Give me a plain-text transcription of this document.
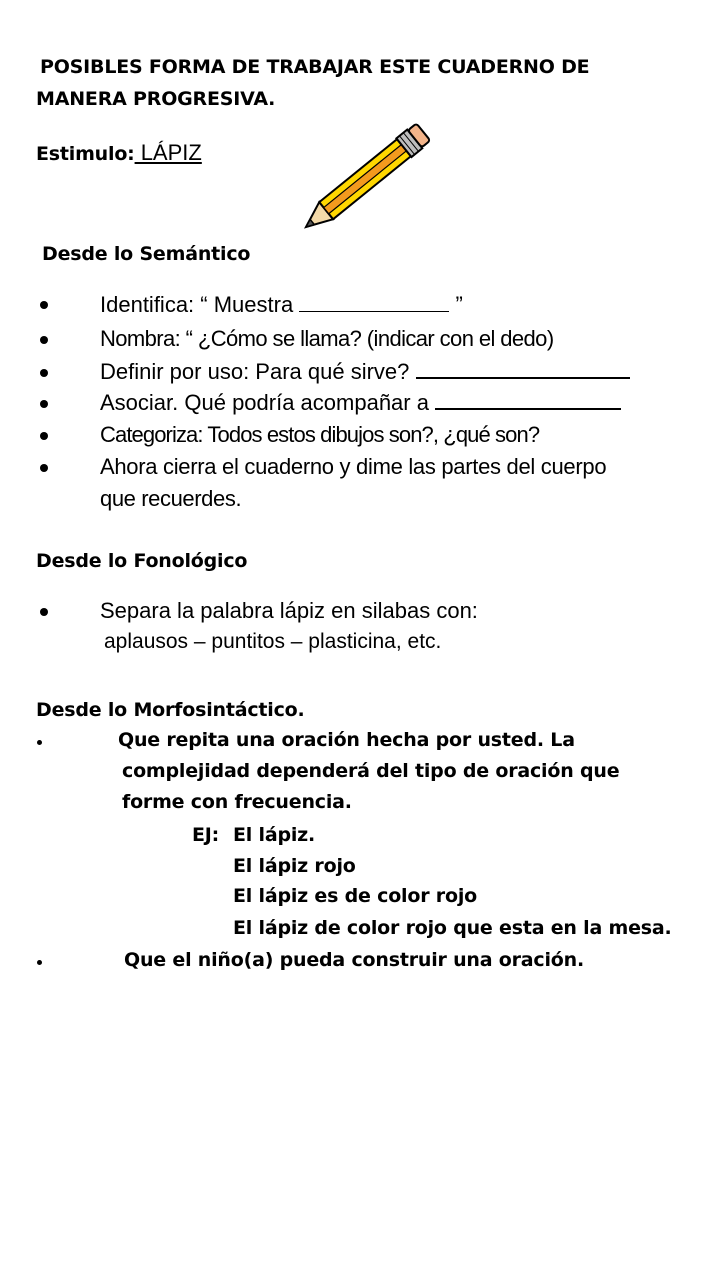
POSIBLES FORMA DE TRABAJAR ESTE CUADERNO DE
MANERA PROGRESIVA.
Estimulo: LÁPIZ
Desde lo Semántico
Identifica: “ Muestra	”
Nombra: “ ¿Cómo se llama? (indicar con el dedo)
Definir por uso: Para qué sirve?
Asociar. Qué podría acompañar a
Categoriza: Todos estos dibujos son?, ¿qué son?
Ahora cierra el cuaderno y dime las partes del cuerpo
que recuerdes.
Desde lo Fonológico
Separa la palabra lápiz en silabas con:
aplausos – puntitos – plasticina, etc.
Desde lo Morfosintáctico.
Que repita una oración hecha por usted. La
complejidad dependerá del tipo de oración que
forme con frecuencia.
EJ: El lápiz.
El lápiz rojo
El lápiz es de color rojo
El lápiz de color rojo que esta en la mesa.
Que el niño(a) pueda construir una oración.
